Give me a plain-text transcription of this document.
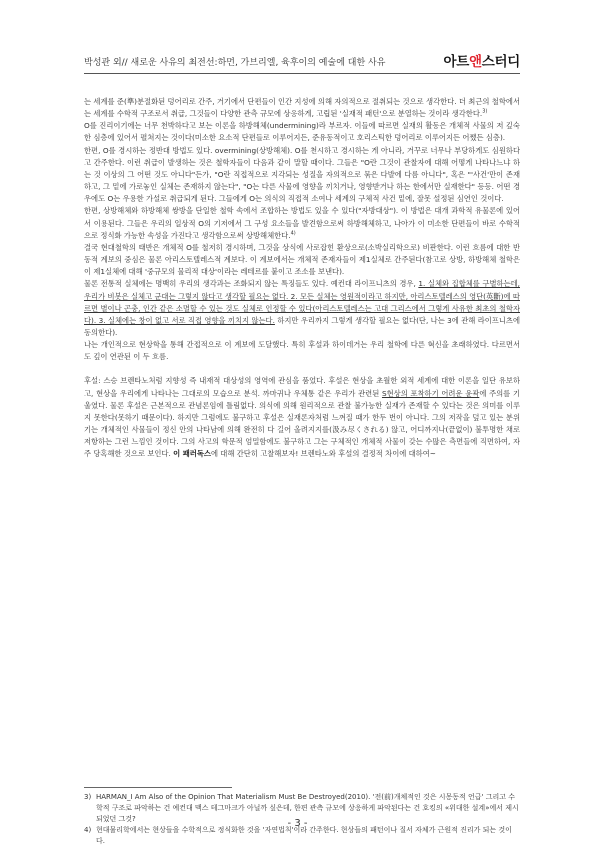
박성관 외// 새로운 사유의 최전선:하먼, 가브리엘, 육후이의 예술에 대한 사유	아트앤스터디

는 세계를 준(準)분절화된 덩어리로 간주, 거기에서 단편들이 인간 지성에 의해 자의적으로 절취되는 것으로 생각한다. 더 최근의 철학에서는 세계를 수학적 구조로서 취급, 그것들이 다양한 관측 규모에 상응하게, 고립된 '실재적 패턴'으로 분열하는 것이라 생각한다.$^{3)}$

O를 진리이기에는 너무 천박하다고 보는 이론을 하방해체(undermining)라 부르자. 이들에 따르면 실재의 활동은 개체적 사물의 저 깊숙한 심층에 있어서 펼쳐지는 것이다(미소한 요소적 단편들로 이루어지든, 준유동적이고 호리스틱한 덩어리로 이루어지든 어쨌든 심층).

한편, O를 경시하는 정반대 방법도 있다. overmining(상방해체). O를 천시하고 경시하는 게 아니라, 거꾸로 너무나 부당하게도 심원하다고 간주한다. 이런 취급이 발생하는 것은 철학자들이 다음과 같이 말할 때이다. 그들은 "O란 그것이 관찰자에 대해 어떻게 나타나느냐 하는 것 이상의 그 어떤 것도 아니다"든가, "O란 직접적으로 지각되는 성질을 자의적으로 묶은 다발에 다름 아니다", 혹은 "'사건'만이 존재하고, 그 밑에 가로놓인 실체는 존재하지 않는다", "O는 다른 사물에 영향을 끼치거나, 영향받거나 하는 한에서만 실재한다" 등등. 어떤 경우에도 O는 우용한 가설로 취급되게 된다. 그들에게 O는 의식의 직접적 소여나 세계의 구체적 사건 밑에, 잘못 설정된 심연인 것이다.

한편, 상방해체와 하방해체 쌍방을 단일한 철학 속에서 조합하는 방법도 있을 수 있다("자방대상"). 이 방법은 대개 과학적 유물론에 있어서 이용된다. 그들은 우리의 일상적 O의 기저에서 그 구성 요소들을 발견함으로써 하방해체하고, 나아가 이 미소한 단편들이 바로 수학적으로 정식화 가능한 속성을 가진다고 생각함으로써 상방해체한다.$^{4)}$

결국 현대철학의 태반은 개체적 O를 철저히 경시하며, 그것을 상식에 사로잡힌 환상으로(소박실리학으로) 비판한다. 이런 흐름에 대한 반동적 계보의 중심은 물론 아리스토텔레스적 계보다. 이 계보에서는 개체적 존재자들이 제1실체로 간주된다(참고로 상방, 하방해체 철학은 이 제1실체에 대해 '중규모의 물리적 대상'이라는 레테르를 붙이고 조소를 보낸다).

물론 전통적 실체에는 명백히 우리의 생각과는 조화되지 않는 특징들도 있다. 예컨대 라이프니츠의 경우, 1. 실체와 집합체를 구별하는데, 우리가 비봇은 실체고 군대는 그렇지 않다고 생각할 필요는 없다. 2. 모든 실체는 영원적이라고 하지만, 아리스토텔레스의 영단(英斷)에 따르면 별이나 곤충, 인간 같은 소멸할 수 있는 것도 실체로 인정할 수 있다(아리스토텔레스는 고대 그리스에서 그렇게 사유한 최초의 철학자다). 3. 실체에는 창이 없고 서로 직접 영향을 끼치지 않는다. 하지만 우리까지 그렇게 생각할 필요는 없다(단, 나는 3에 관해 라이프니츠에 동의한다).

나는 개인적으로 현상학을 통해 간접적으로 이 계보에 도달했다. 특히 후설과 하이데거는 우리 철학에 다른 혁신을 초래하였다. 다르면서도 깊이 연관된 이 두 흐름.

후설: 스승 브렌타노처럼 지향성 즉 내재적 대상성의 영역에 관심을 품었다. 후설은 현상을 초월한 외적 세계에 대한 이론을 일단 유보하고, 현상을 우리에게 나타나는 그대로의 모습으로 분석. 까마귀나 우체통 같은 우리가 관련된 S현상의 포착하기 어려운 윤곽에 주의를 기울였다. 물론 후설은 근본적으로 관념론임에 틀림없다. 의식에 의해 원리적으로 관찰 불가능한 실재가 존재할 수 있다는 것은 의미를 이루지 못한다(못하기 때문이다). 하지만 그럼에도 불구하고 후설은 실재론자처럼 느껴질 때가 한두 번이 아니다. 그의 저작을 덮고 있는 분위기는 개체적인 사물들이 정신 안의 나타남에 의해 완전히 다 길어 올려지지를(汲み尽くされる) 않고, 어디까지나(끝없이) 불투명한 채로 저항하는 그런 느낌인 것이다. 그의 사고의 학문적 엄밀함에도 불구하고 그는 구체적인 개체적 사물이 갖는 수많은 측면들에 직면하여, 자주 당혹해한 것으로 보인다. 이 패러독스에 대해 간단히 고찰해보자! 브렌타노와 후설의 결정적 차이에 대하여~

3) HARMAN_I Am Also of the Opinion That Materialism Must Be Destroyed(2010). '전(前)개체적인 것은 시몽동적 언급' 그리고 수학적 구조로 파악하는 건 예컨대 맥스 테그마크가 아닐까 싶은데, 한편 관측 규모에 상응하게 파악된다는 건 호킹의 «위대한 설계»에서 제시되었던 그것?
4) 현대물리학에서는 현상들을 수학적으로 정식화한 것을 '자연법칙'이라 간주한다. 현상들의 패턴이나 질서 자체가 근원적 진리가 되는 것이다.
- 3 -
